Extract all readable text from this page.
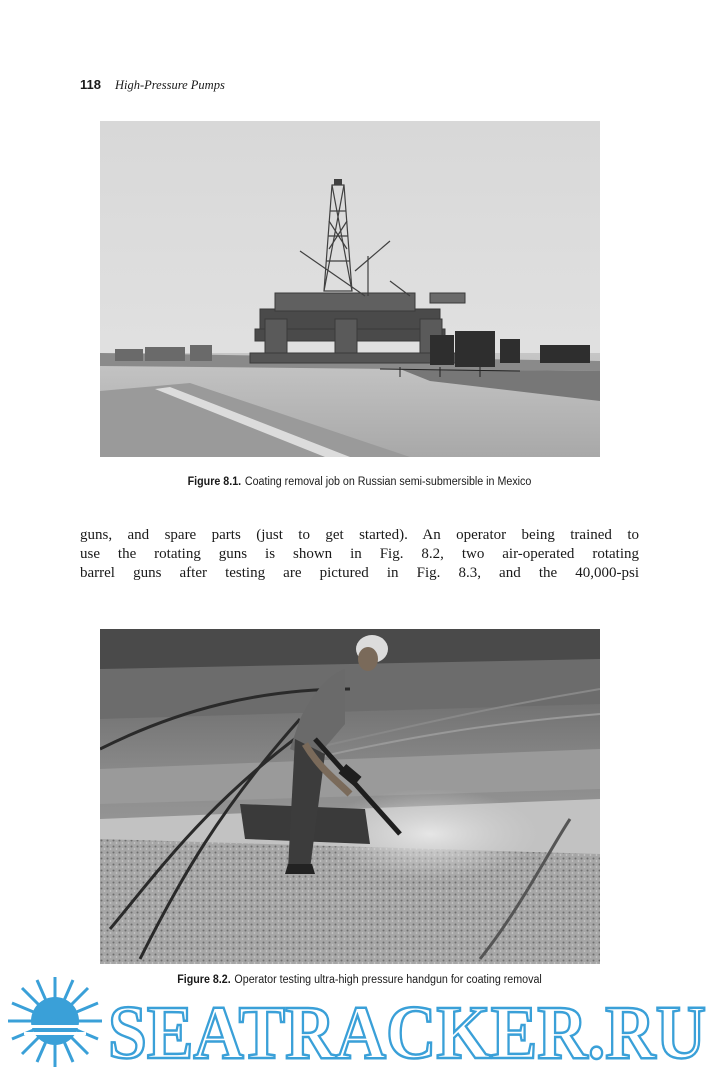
118 High-Pressure Pumps
Figure 8.1. Coating removal job on Russian semi-submersible in Mexico
guns, and spare parts (just to get started). An operator being trained to
use the rotating guns is shown in Fig. 8.2, two air-operated rotating
barrel guns after testing are pictured in Fig. 8.3, and the 40,000-psi
SEATRACKER.RU
Figure 8.2. Operator testing ultra-high pressure handgun for coating removal
